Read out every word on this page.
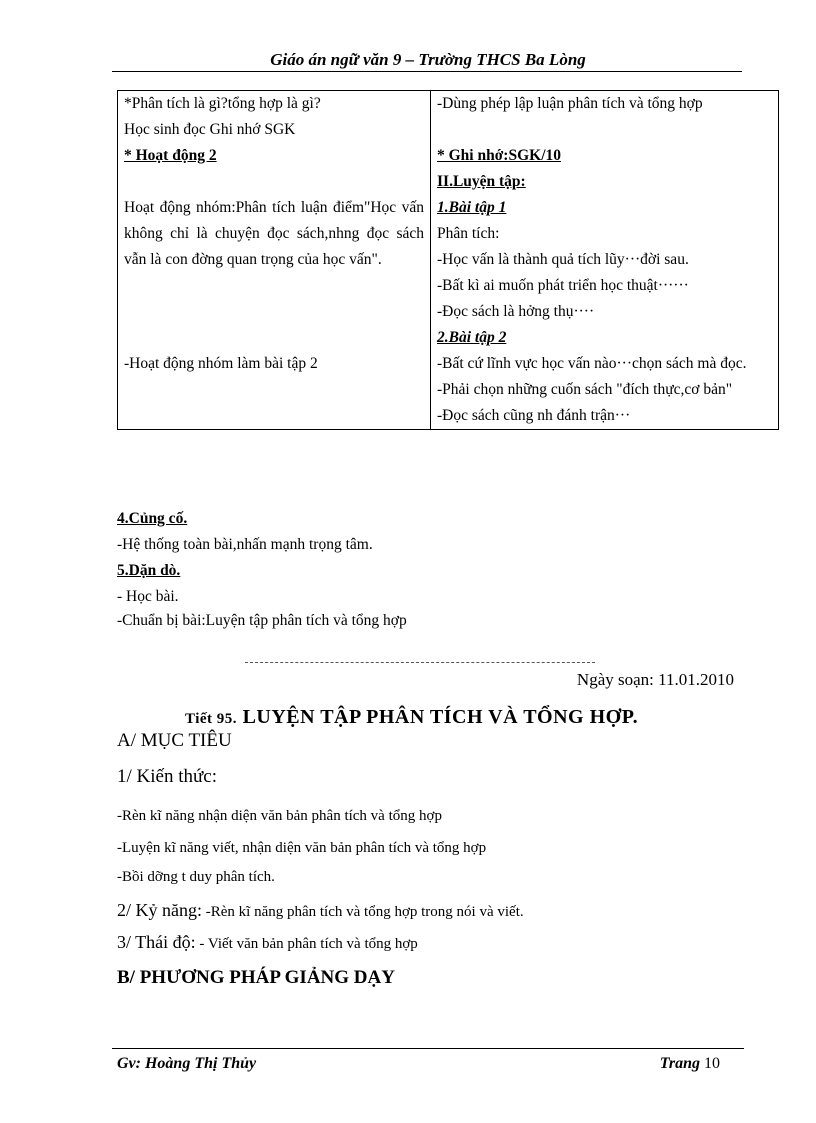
Giáo án ngữ văn 9 – Trường THCS Ba Lòng
*Phân tích là gì?tổng hợp là gì?
Học sinh đọc Ghi nhớ SGK
* Hoạt động 2
Hoạt động nhóm:Phân tích luận điểm"Học vấn không chỉ là chuyện đọc sách,nhng đọc sách vẫn là con đờng quan trọng của học vấn".
-Hoạt động nhóm làm bài tập 2

-Dùng phép lập luận phân tích và tổng hợp
* Ghi nhớ:SGK/10
II.Luyện tập:
1.Bài tập 1
Phân tích:
-Học vấn là thành quả tích lũy···đời sau.
-Bất kì ai muốn phát triển học thuật······
-Đọc sách là hởng thụ····
2.Bài tập 2
-Bất cứ lĩnh vực học vấn nào···chọn sách mà đọc.
-Phải chọn những cuốn sách "đích thực,cơ bản"
-Đọc sách cũng nh đánh trận···
4.Củng cố.
-Hệ thống toàn bài,nhấn mạnh trọng tâm.
5.Dặn dò.
- Học bài.
-Chuẩn bị bài:Luyện tập phân tích và tổng hợp
Ngày soạn: 11.01.2010
Tiết 95. LUYỆN TẬP PHÂN TÍCH VÀ TỔNG HỢP.
A/ MỤC TIÊU
1/ Kiến thức:
-Rèn kĩ năng nhận diện văn bản phân tích và tổng hợp
-Luyện kĩ năng viết, nhận diện văn bản phân tích và tổng hợp
-Bồi dỡng t duy phân tích.
2/ Kỷ năng: -Rèn kĩ năng phân tích và tổng hợp trong nói và viết.
3/ Thái độ: - Viết văn bản phân tích và tổng hợp
B/ PHƯƠNG PHÁP GIẢNG DẠY
Gv: Hoàng Thị Thủy	Trang 10
